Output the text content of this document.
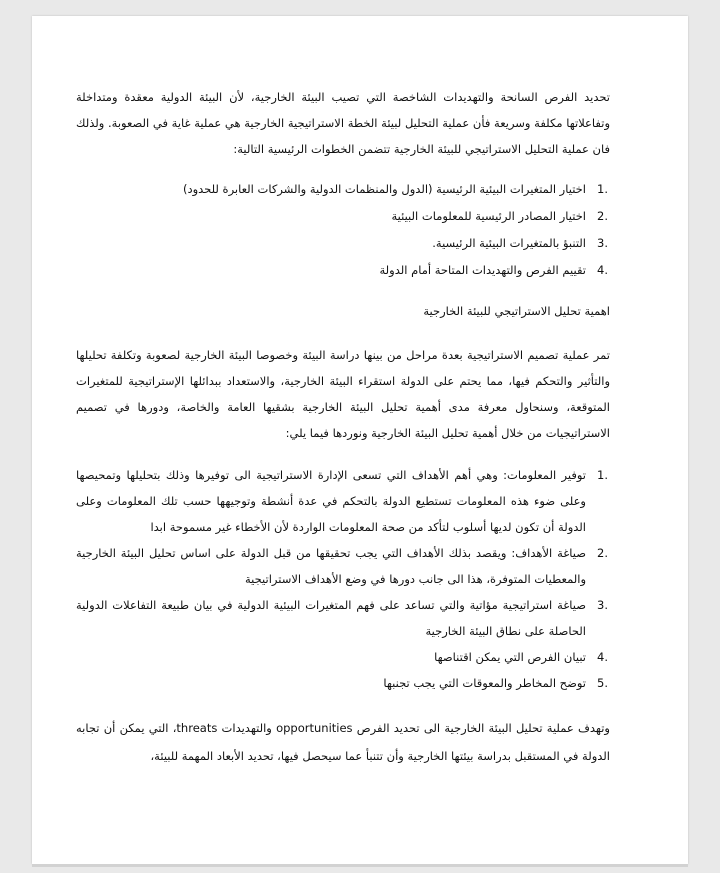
تحديد الفرص السانحة والتهديدات الشاخصة التي تصيب البيئة الخارجية، لأن البيئة الدولية معقدة ومتداخلة وتفاعلاتها مكلفة وسريعة فأن عملية التحليل لبيئة الخطة الاستراتيجية الخارجية هي عملية غاية في الصعوبة. ولذلك فان عملية التحليل الاستراتيجي للبيئة الخارجية تتضمن الخطوات الرئيسية التالية:

1.
اختيار المتغيرات البيئية الرئيسية (الدول والمنظمات الدولية والشركات العابرة للحدود)
2.
اختيار المصادر الرئيسية للمعلومات البيئية
3.
التنبؤ بالمتغيرات البيئية الرئيسية.
4.
تقييم الفرص والتهديدات المتاحة أمام الدولة

اهمية تحليل الاستراتيجي للبيئة الخارجية

تمر عملية تصميم الاستراتيجية بعدة مراحل من بينها دراسة البيئة وخصوصا البيئة الخارجية لصعوبة وتكلفة تحليلها والتأثير والتحكم فيها، مما يحتم على الدولة استقراء البيئة الخارجية، والاستعداد ببدائلها الإستراتيجية للمتغيرات المتوقعة، وسنحاول معرفة مدى أهمية تحليل البيئة الخارجية بشقيها العامة والخاصة، ودورها في تصميم الاستراتيجيات من خلال أهمية تحليل البيئة الخارجية ونوردها فيما يلي:

1.
توفير المعلومات: وهي أهم الأهداف التي تسعى الإدارة الاستراتيجية الى توفيرها وذلك بتحليلها وتمحيصها وعلى ضوء هذه المعلومات تستطيع الدولة بالتحكم في عدة أنشطة وتوجيهها حسب تلك المعلومات وعلى الدولة أن تكون لديها أسلوب لتأكد من صحة المعلومات الواردة لأن الأخطاء غير مسموحة ابدا
2.
صياغة الأهداف: ويقصد بذلك الأهداف التي يجب تحقيقها من قبل الدولة على اساس تحليل البيئة الخارجية والمعطيات المتوفرة، هذا الى جانب دورها في وضع الأهداف الاستراتيجية
3.
صياغة استراتيجية مؤاتية والتي تساعد على فهم المتغيرات البيئية الدولية في بيان طبيعة التفاعلات الدولية الحاصلة على نطاق البيئة الخارجية
4.
تبيان الفرص التي يمكن اقتناصها
5.
توضح المخاطر والمعوقات التي يجب تجنبها

وتهدف عملية تحليل البيئة الخارجية الى تحديد الفرص opportunities والتهديدات threats، التي يمكن أن تجابه الدولة في المستقبل بدراسة بيئتها الخارجية وأن تتنبأ عما سيحصل فيها، تحديد الأبعاد المهمة للبيئة،
